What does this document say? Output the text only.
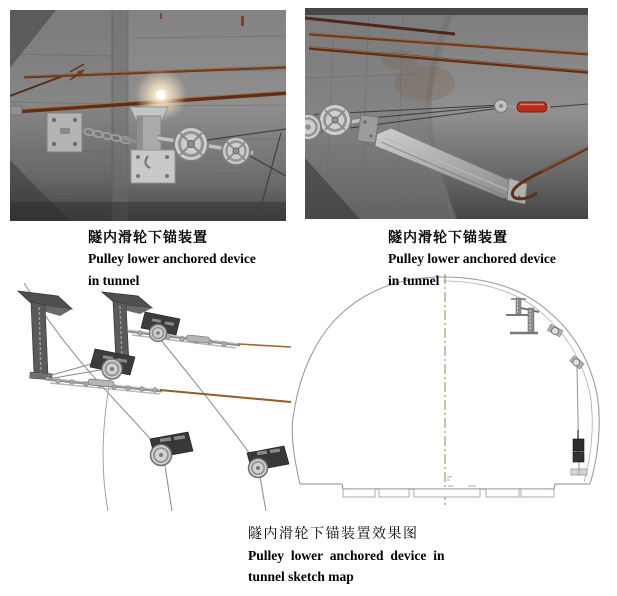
隧内滑轮下锚装置
Pulley lower anchored device
in tunnel
隧内滑轮下锚装置
Pulley lower anchored device
in tunnel
隧内滑轮下锚装置效果图
Pulley lower anchored device in
tunnel sketch map
